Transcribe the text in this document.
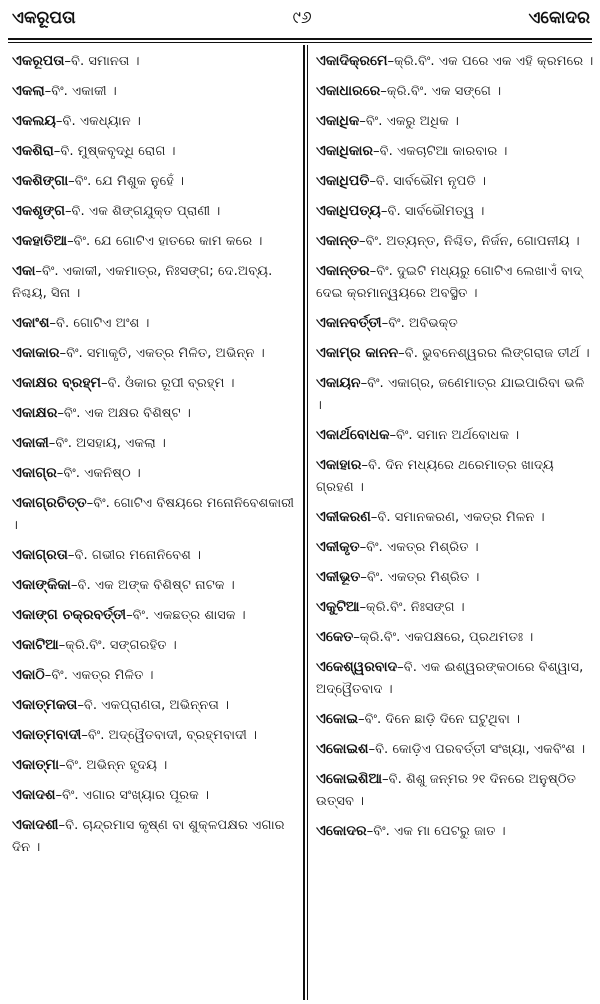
ଏକରୂପତା	୯୬	ଏକୋଦର

ଏକରୂପତା–ବି. ସମାନତା ।

ଏକଲା–ବିଂ. ଏକାକୀ ।

ଏକଲୟ–ବି. ଏକଧ୍ୟାନ ।

ଏକଶିରା–ବି. ମୁଷ୍କବୃଦ୍ଧି ରୋଗ ।

ଏକଶିଙ୍ଗା–ବିଂ. ଯେ ମିଶୁକ ନୁହେଁ ।

ଏକଶୃଙ୍ଗ–ବି. ଏକ ଶିଙ୍ଗଯୁକ୍ତ ପ୍ରାଣୀ ।

ଏକହାତିଆ–ବିଂ. ଯେ ଗୋଟିଏ ହାତରେ କାମ କରେ ।

ଏକା–ବିଂ. ଏକାକୀ, ଏକମାତ୍ର, ନିଃସଙ୍ଗ; ଦେ.ଅବ୍ୟ. ନିଶ୍ଚୟ, ସିନା ।

ଏକାଂଶ–ବି. ଗୋଟିଏ ଅଂଶ ।

ଏକାକାର–ବିଂ. ସମାକୃତି, ଏକତ୍ର ମିଳିତ, ଅଭିନ୍ନ ।

ଏକାକ୍ଷର ବ୍ରହ୍ମ–ବି. ଓଁକାର ରୂପୀ ବ୍ରହ୍ମ ।

ଏକାକ୍ଷର–ବିଂ. ଏକ ଅକ୍ଷର ବିଶିଷ୍ଟ ।

ଏକାକୀ–ବିଂ. ଅସହାୟ, ଏକଲା ।

ଏକାଗ୍ର–ବିଂ. ଏକନିଷ୍ଠ ।

ଏକାଗ୍ରଚିତ୍ତ–ବିଂ. ଗୋଟିଏ ବିଷୟରେ ମନୋନିବେଶକାରୀ ।

ଏକାଗ୍ରତା–ବି. ଗଭୀର ମନୋନିବେଶ ।

ଏକାଙ୍କିକା–ବି. ଏକ ଅଙ୍କ ବିଶିଷ୍ଟ ନାଟକ ।

ଏକାଙ୍ଗ ଚକ୍ରବର୍ତ୍ତୀ–ବିଂ. ଏକଛତ୍ର ଶାସକ ।

ଏକାଟିଆ–କ୍ରି.ବିଂ. ସଙ୍ଗରହିତ ।

ଏକାଠି–ବିଂ. ଏକତ୍ର ମିଳିତ ।

ଏକାତ୍ମକତା–ବି. ଏକପ୍ରାଣତା, ଅଭିନ୍ନତା ।

ଏକାତ୍ମବାଦୀ–ବିଂ. ଅଦ୍ୱୈତବାଦୀ, ବ୍ରହ୍ମବାଦୀ ।

ଏକାତ୍ମା–ବିଂ. ଅଭିନ୍ନ ହୃଦୟ ।

ଏକାଦଶ–ବିଂ. ଏଗାର ସଂଖ୍ୟାର ପୂରକ ।

ଏକାଦଶୀ–ବି. ଚାନ୍ଦ୍ରମାସ କୃଷ୍ଣ ବା ଶୁକ୍ଳପକ୍ଷର ଏଗାର ଦିନ ।

ଏକାଦିକ୍ରମେ–କ୍ରି.ବିଂ. ଏକ ପରେ ଏକ ଏହି କ୍ରମରେ ।

ଏକାଧାରରେ–କ୍ରି.ବିଂ. ଏକ ସଙ୍ଗେ ।

ଏକାଧିକ–ବିଂ. ଏକରୁ ଅଧିକ ।

ଏକାଧିକାର–ବି. ଏକଚାଟିଆ କାରବାର ।

ଏକାଧିପତି–ବି. ସାର୍ବଭୌମ ନୃପତି ।

ଏକାଧିପତ୍ୟ–ବି. ସାର୍ବଭୌମତ୍ୱ ।

ଏକାନ୍ତ–ବିଂ. ଅତ୍ୟନ୍ତ, ନିଶ୍ଚିତ, ନିର୍ଜନ, ଗୋପନୀୟ ।

ଏକାନ୍ତର–ବିଂ. ଦୁଇଟି ମଧ୍ୟରୁ ଗୋଟିଏ ଲେଖାଏଁ ବାଦ୍ ଦେଇ କ୍ରମାନ୍ୱୟରେ ଅବସ୍ଥିତ ।

ଏକାନବର୍ତ୍ତୀ–ବିଂ. ଅବିଭକ୍ତ

ଏକାମ୍ର କାନନ–ବି. ଭୁବନେଶ୍ୱରର ଲିଙ୍ଗରାଜ ତୀର୍ଥ ।

ଏକାୟନ–ବିଂ. ଏକାଗ୍ର, ଜଣେମାତ୍ର ଯାଇପାରିବା ଭଳି ।

ଏକାର୍ଥବୋଧକ–ବିଂ. ସମାନ ଅର୍ଥବୋଧକ ।

ଏକାହାର–ବି. ଦିନ ମଧ୍ୟରେ ଥରେମାତ୍ର ଖାଦ୍ୟ ଗ୍ରହଣ ।

ଏକୀକରଣ–ବି. ସମାନକରଣ, ଏକତ୍ର ମିଳନ ।

ଏକୀକୃତ–ବିଂ. ଏକତ୍ର ମିଶ୍ରିତ ।

ଏକୀଭୂତ–ବିଂ. ଏକତ୍ର ମିଶ୍ରିତ ।

ଏକୁଟିଆ–କ୍ରି.ବିଂ. ନିଃସଙ୍ଗ ।

ଏକେତ–କ୍ରି.ବିଂ. ଏକପକ୍ଷରେ, ପ୍ରଥମତଃ ।

ଏକେଶ୍ୱରବାଦ–ବି. ଏକ ଈଶ୍ୱରଙ୍କଠାରେ ବିଶ୍ୱାସ, ଅଦ୍ୱୈତବାଦ ।

ଏକୋଇ–ବିଂ. ଦିନେ ଛାଡ଼ି ଦିନେ ଘଟୁଥିବା ।

ଏକୋଇଶ–ବି. କୋଡ଼ିଏ ପରବର୍ତ୍ତୀ ସଂଖ୍ୟା, ଏକବିଂଶ ।

ଏକୋଇଶିଆ–ବି. ଶିଶୁ ଜନ୍ମର ୨୧ ଦିନରେ ଅନୁଷ୍ଠିତ ଉତ୍ସବ ।

ଏକୋଦର–ବିଂ. ଏକ ମା ପେଟରୁ ଜାତ ।
